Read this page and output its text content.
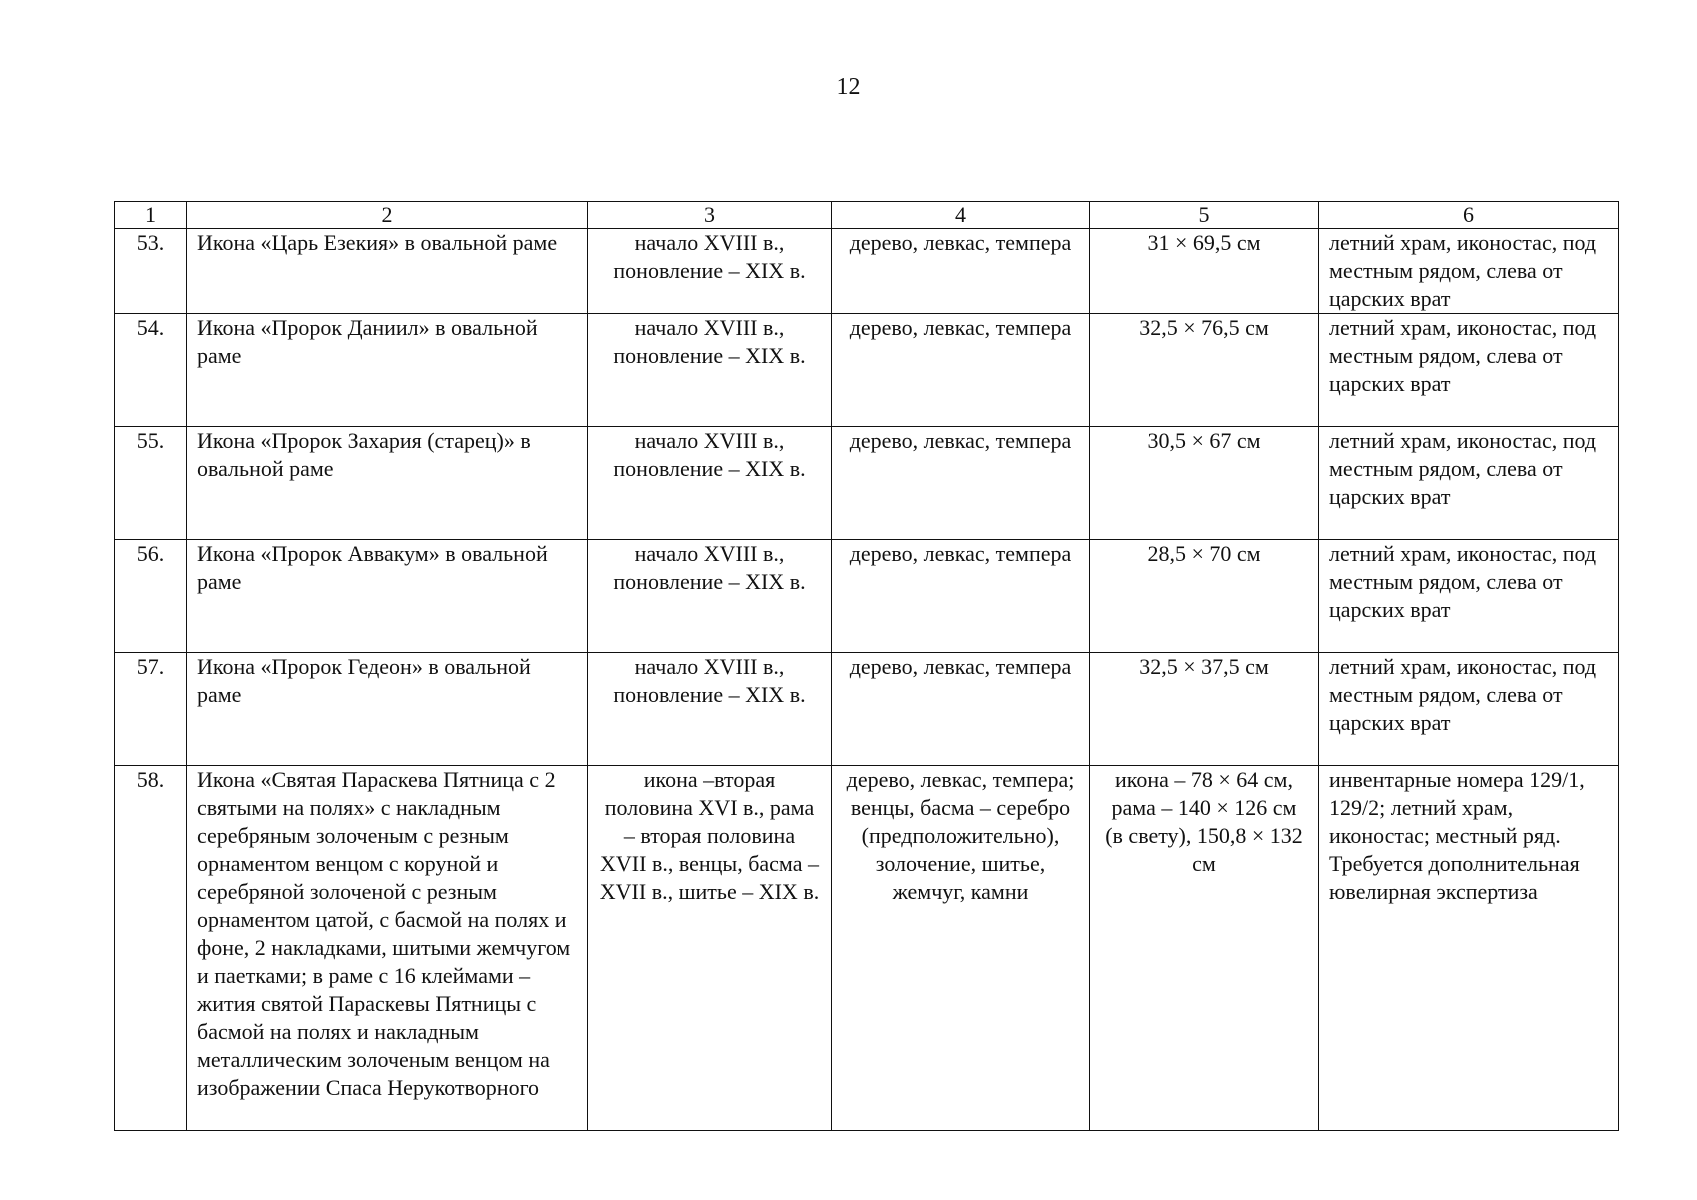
12
1	2	3	4	5	6
53.	Икона «Царь Езекия» в овальной раме	начало XVIII в., поновление – XIX в.	дерево, левкас, темпера	31 × 69,5 см	летний храм, иконостас, под местным рядом, слева от царских врат
54.	Икона «Пророк Даниил» в овальной раме	начало XVIII в., поновление – XIX в.	дерево, левкас, темпера	32,5 × 76,5 см	летний храм, иконостас, под местным рядом, слева от царских врат
55.	Икона «Пророк Захария (старец)» в овальной раме	начало XVIII в., поновление – XIX в.	дерево, левкас, темпера	30,5 × 67 см	летний храм, иконостас, под местным рядом, слева от царских врат
56.	Икона «Пророк Аввакум» в овальной раме	начало XVIII в., поновление – XIX в.	дерево, левкас, темпера	28,5 × 70 см	летний храм, иконостас, под местным рядом, слева от царских врат
57.	Икона «Пророк Гедеон» в овальной раме	начало XVIII в., поновление – XIX в.	дерево, левкас, темпера	32,5 × 37,5 см	летний храм, иконостас, под местным рядом, слева от царских врат
58.	Икона «Святая Параскева Пятница с 2 святыми на полях» с накладным серебряным золоченым с резным орнаментом венцом с коруной и серебряной золоченой с резным орнаментом цатой, с басмой на полях и фоне, 2 накладками, шитыми жемчугом и паетками; в раме с 16 клеймами – жития святой Параскевы Пятницы с басмой на полях и накладным металлическим золоченым венцом на изображении Спаса Нерукотворного	икона –вторая половина XVI в., рама – вторая половина XVII в., венцы, басма – XVII в., шитье – XIX в.	дерево, левкас, темпера; венцы, басма – серебро (предположительно), золочение, шитье, жемчуг, камни	икона – 78 × 64 см, рама – 140 × 126 см (в свету), 150,8 × 132 см	инвентарные номера 129/1, 129/2; летний храм, иконостас; местный ряд. Требуется дополнительная ювелирная экспертиза
